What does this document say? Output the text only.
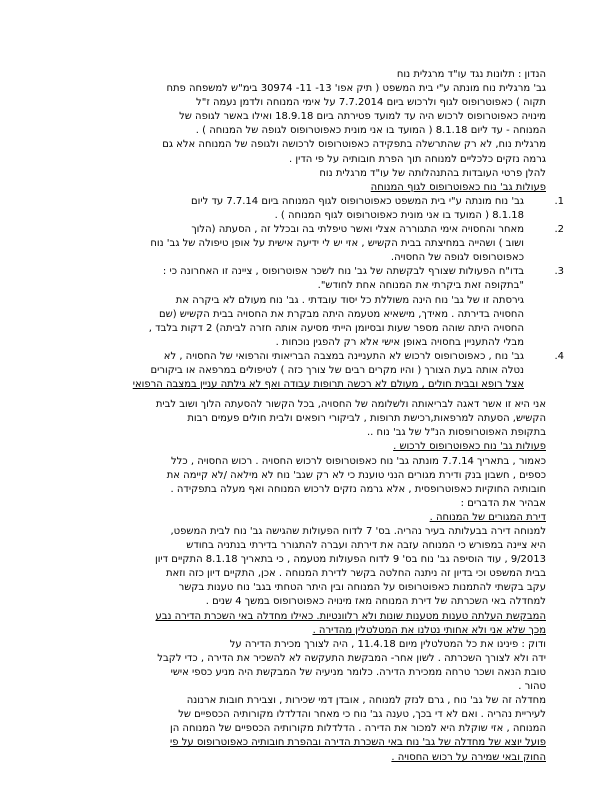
הנדון : תלונות נגד עו"ד מרגלית נוח
גב' מרגלית נוח מונתה ע"י בית המשפט ( תיק אפו' 13- 11- 30974 בימ"ש למשפחה פתח
תקוה ) כאפוטרופוס לגוף ולרכוש ביום 7.7.2014 על אימי המנוחה ולדמן נעמה ז"ל
מינויה כאפוטרופוס לרכוש היה עד למועד פטירתה ביום 18.9.18 ואילו באשר לגופה של
המנוחה - עד ליום 8.1.18 ( המועד בו אני מונית כאפוטרופוס לגופה של המנוחה ) .
מרגלית נוח, לא רק שהתרשלה בתפקידה כאפוטרופוס לרכושה ולגופה של המנוחה אלא גם
גרמה נזקים כלכליים למנוחה תוך הפרת חובותיה על פי הדין .
להלן פרטי העובדות בהתנהלותה של עו"ד מרגלית נוח
פעולות גב' נוח כאפוטרופוס לגוף המנוחה
1.
גב' נוח מונתה ע"י בית המשפט כאפוטרופוס לגוף המנוחה ביום 7.7.14 עד ליום
8.1.18 ( המועד בו אני מונית כאפוטרופוס לגוף המנוחה ) .
2.
מאחר והחסויה אימי התגוררה אצלי ואשר טיפלתי בה ובכלל זה , הסעתה (הלוך
ושוב ) ושהייה במחיצתה בבית הקשיש , אזי יש לי ידיעה אישית על אופן טיפולה של גב' נוח
כאפוטרופוס לגופה של החסויה.
3.
בדו"ח הפעולות שצורף לבקשתה של גב' נוח לשכר אפוטרופוס , ציינה זו האחרונה כי :
"בתקופה זאת ביקרתי את המנוחה אחת לחודש".
גירסתה זו של גב' נוח הינה משוללת כל יסוד עובדתי . גב' נוח מעולם לא ביקרה את
החסויה בדירתה . מאידך, מישאיא מטעמה היתה מבקרת את החסויה בבית הקשיש (שם
החסויה היתה שוהה מספר שעות ובסיומן הייתי מסיעה אותה חזרה לביתה) 2 דקות בלבד ,
מבלי להתעניין בחסויה באופן אישי אלא רק להפגין נוכחות .
4.
גב' נוח , כאפוטרופוס לרכוש לא התעניינה במצבה הבריאותי והרפואי של החסויה , לא
נטלה אותה בעת הצורך ( והיו מקרים רבים של צורך כזה ) לטיפולים במרפאה או ביקורים
אצל רופא ובבית חולים , מעולם לא רכשה תרופות עבודה ואף לא גילתה עניין במצבה הרפואי
אני היא זו אשר דאגה לבריאותה ולשלומה של החסויה, בכל הקשור להסעתה הלוך ושוב לבית
הקשיש, הסעתה למרפאות,רכישת תרופות , לביקורי רופאים ולבית חולים פעמים רבות
בתקופת האפוטרופסות הנ"ל של גב' נוח ..
פעולות גב' נוח כאפוטרופוס לרכוש .
כאמור , בתאריך 7.7.14 מונתה גב' נוח כאפוטרופוס לרכוש החסויה . רכוש החסויה , כלל
כספים , חשבון בנק ודירת מגורים הנני טוענת כי לא רק שגב' נוח לא מילאה /לא קיימה את
חובותיה החוקיות כאפוטרופסית , אלא גרמה נזקים לרכוש המנוחה ואף מעלה בתפקידה .
אבהיר את הדברים :
דירת המגורים של המנוחה .
למנוחה דירה בבעלותה בעיר נהריה. בס' 7 לדוח הפעולות שהגישה גב' נוח לבית המשפט,
היא ציינה במפורש כי המנוחה עזבה את דירתה ועברה להתגורר בדירתי בנתניה בחודש
9/2013 , עוד הוסיפה גב' נוח בס' 9 לדוח הפעולות מטעמה , כי בתאריך 8.1.18 התקיים דיון
בבית המשפט וכי בדיון זה ניתנה החלטה בקשר לדירת המנוחה . אכן, התקיים דיון כזה וזאת
עקב בקשתי להתמנות כאפוטרופוס על המנוחה ובין היתר הטחתי בגב' נוח טענות בקשר
למחדלה באי השכרתה של דירת המנוחה מאז מינויה כאפוטרופוס במשך 4 שנים .
המבקשת העלתה טענות מטענות שונות ולא רלוונטיות. כאילו מחדלה באי השכרת הדירה נבע
מכך שלא אני ולא אחותי נטלנו את המטלטלין מהדירה .
ודוק : פינינו את כל המטלטלין מיום 11.4.18 , היה לצורך מכירת הדירה על
ידה ולא לצורך השכרתה . לשון אחר- המבקשת התעקשה לא להשכיר את הדירה , כדי לקבל
טובת הנאה ושכר טרחה ממכירת הדירה. כלומר מניעיה של המבקשת היה מניע כספי אישי
טהור .
מחדלה זה של גב' נוח , גרם לנזק למנוחה , אובדן דמי שכירות , וצבירת חובות ארנונה
לעיריית נהריה . ואם לא די בכך, טענה גב' נוח כי מאחר והדלדלו מקורותיה הכספיים של
המנוחה , אזי שוקלת היא למכור את הדירה . הדלדלות מקורותיה הכספיים של המנוחה הן
פועל יוצא של מחדלה של גב' נוח באי השכרת הדירה ובהפרת חובותיה כאפוטרופוס על פי
החוק ובאי שמירה על רכוש החסויה .
